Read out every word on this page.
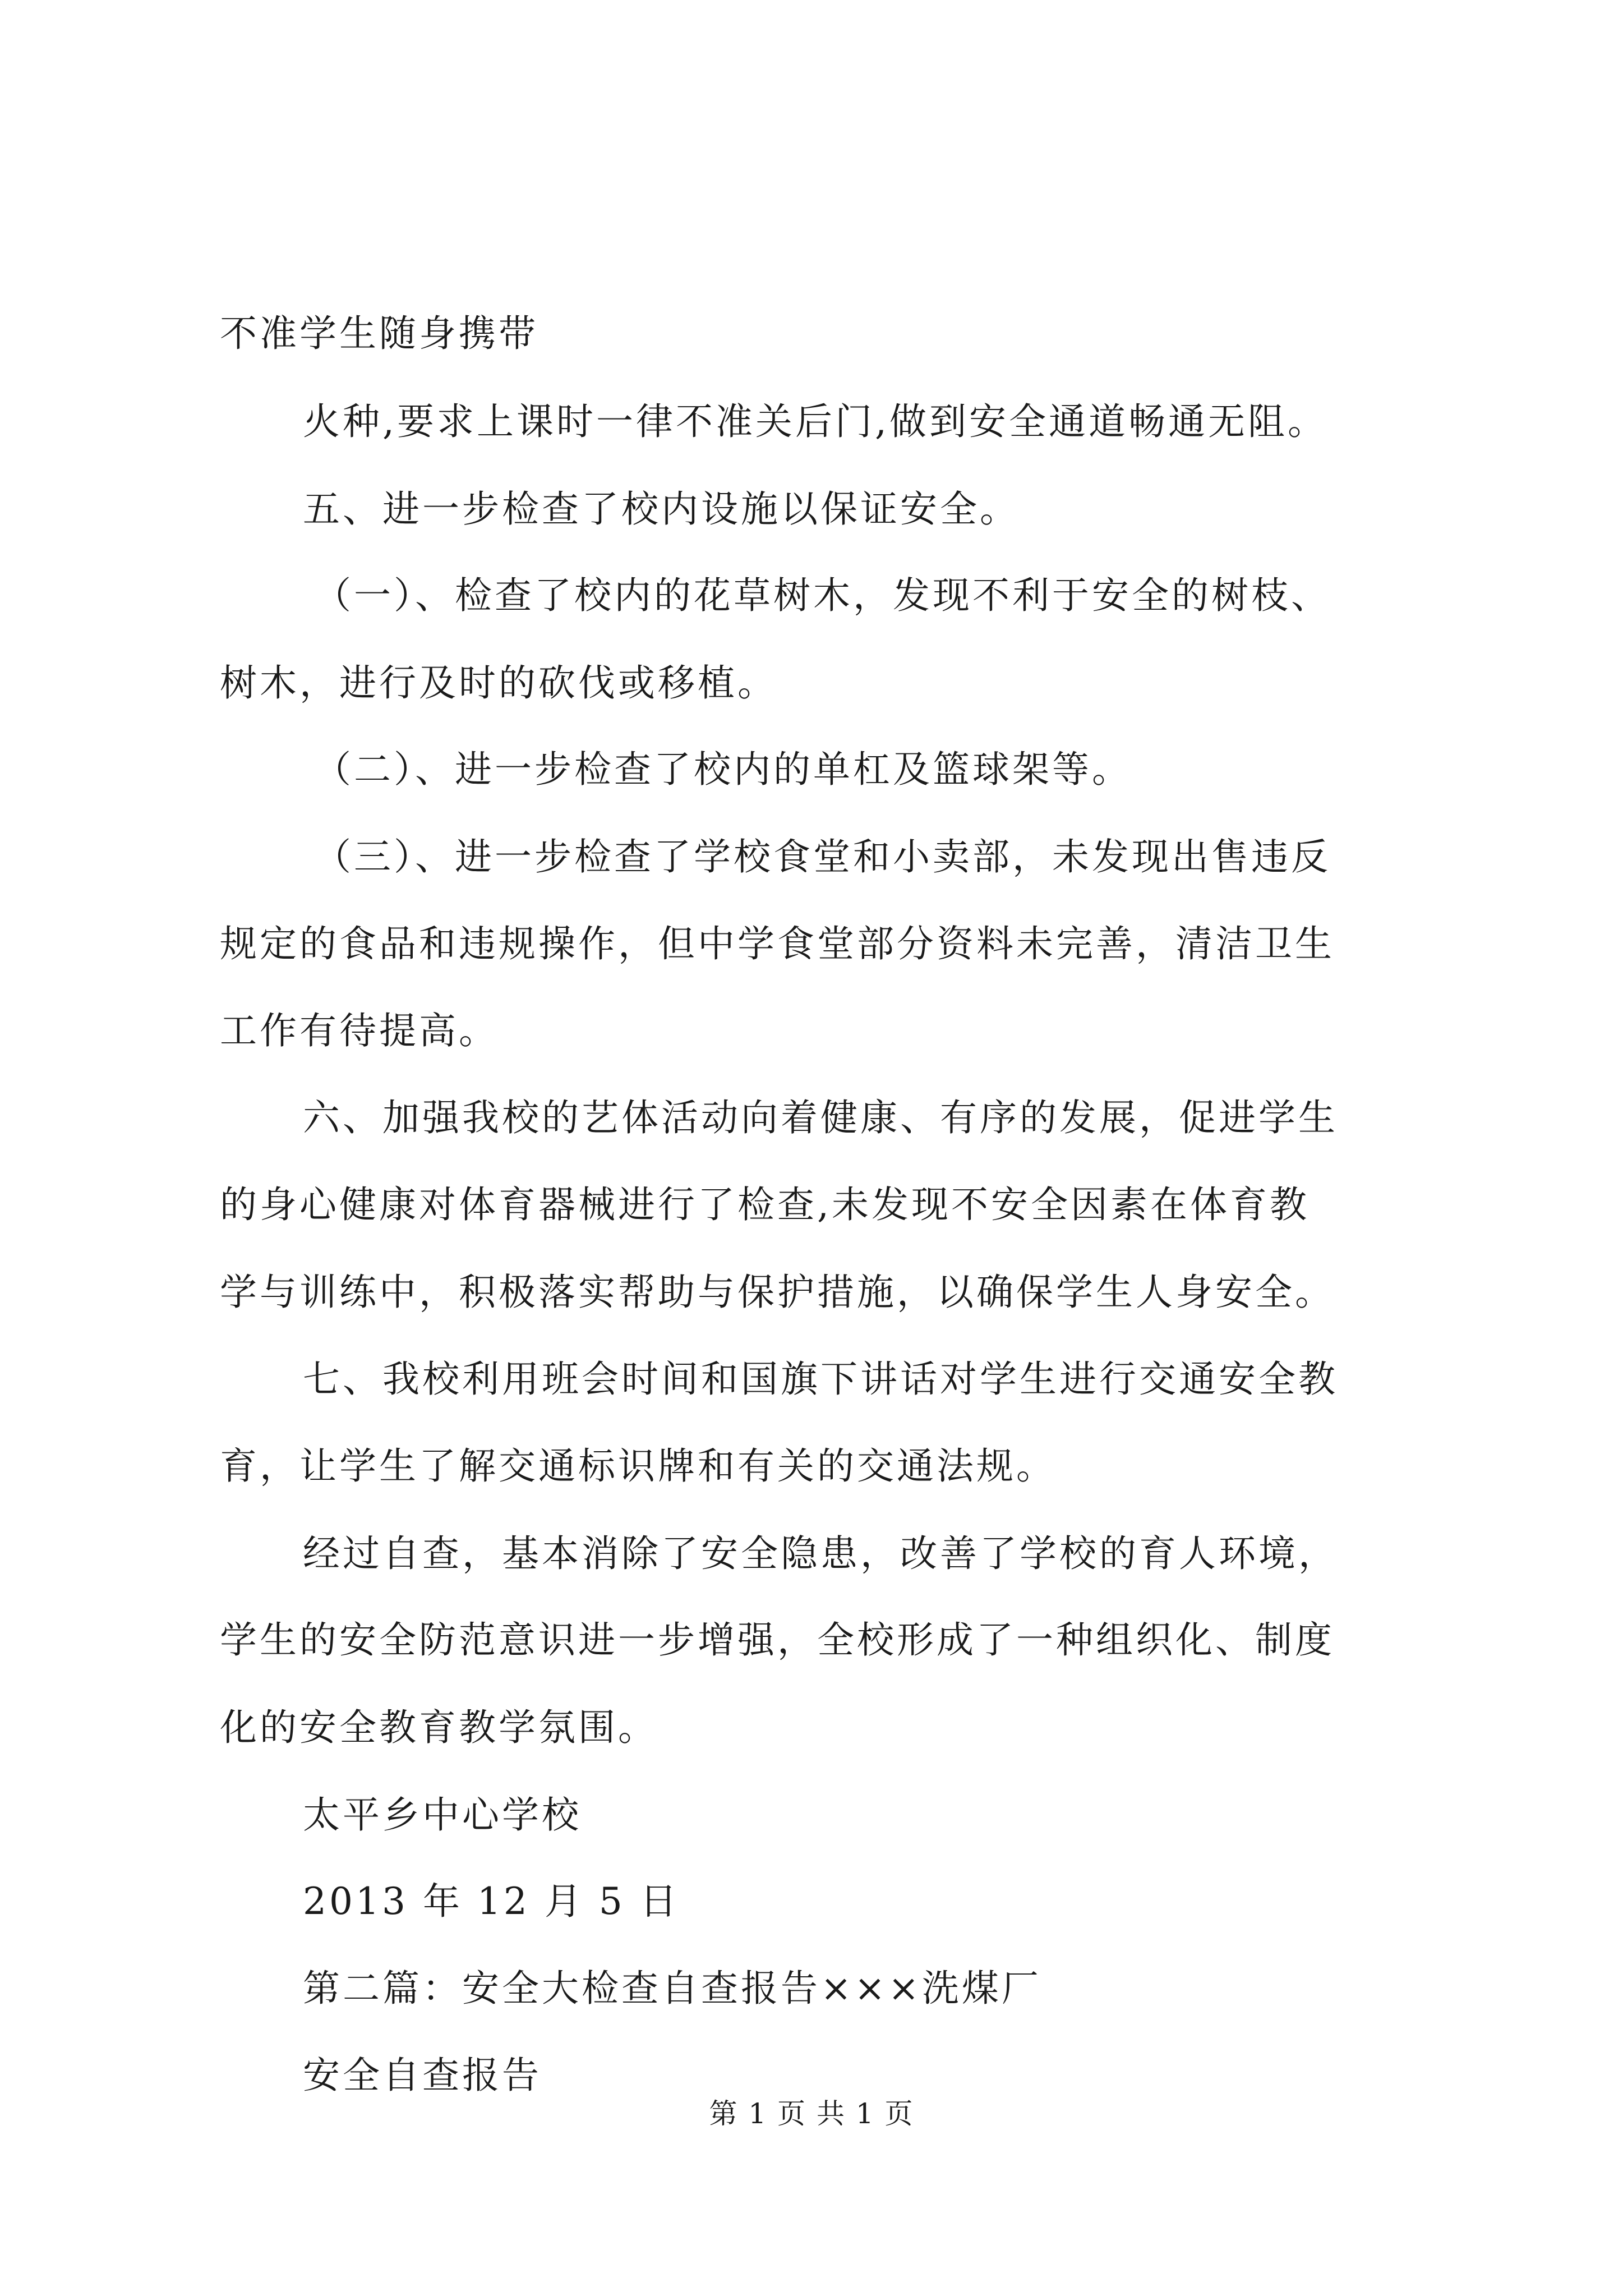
不准学生随身携带
火种,要求上课时一律不准关后门,做到安全通道畅通无阻。
五、进一步检查了校内设施以保证安全。
（一）、检查了校内的花草树木，发现不利于安全的树枝、
树木，进行及时的砍伐或移植。
（二）、进一步检查了校内的单杠及篮球架等。
（三）、进一步检查了学校食堂和小卖部，未发现出售违反
规定的食品和违规操作，但中学食堂部分资料未完善，清洁卫生
工作有待提高。
六、加强我校的艺体活动向着健康、有序的发展，促进学生
的身心健康对体育器械进行了检查,未发现不安全因素在体育教
学与训练中，积极落实帮助与保护措施，以确保学生人身安全。
七、我校利用班会时间和国旗下讲话对学生进行交通安全教
育，让学生了解交通标识牌和有关的交通法规。
经过自查，基本消除了安全隐患，改善了学校的育人环境，
学生的安全防范意识进一步增强，全校形成了一种组织化、制度
化的安全教育教学氛围。
太平乡中心学校
2013 年 12 月 5 日
第二篇：安全大检查自查报告×××洗煤厂
安全自查报告
第 1 页 共 1 页
